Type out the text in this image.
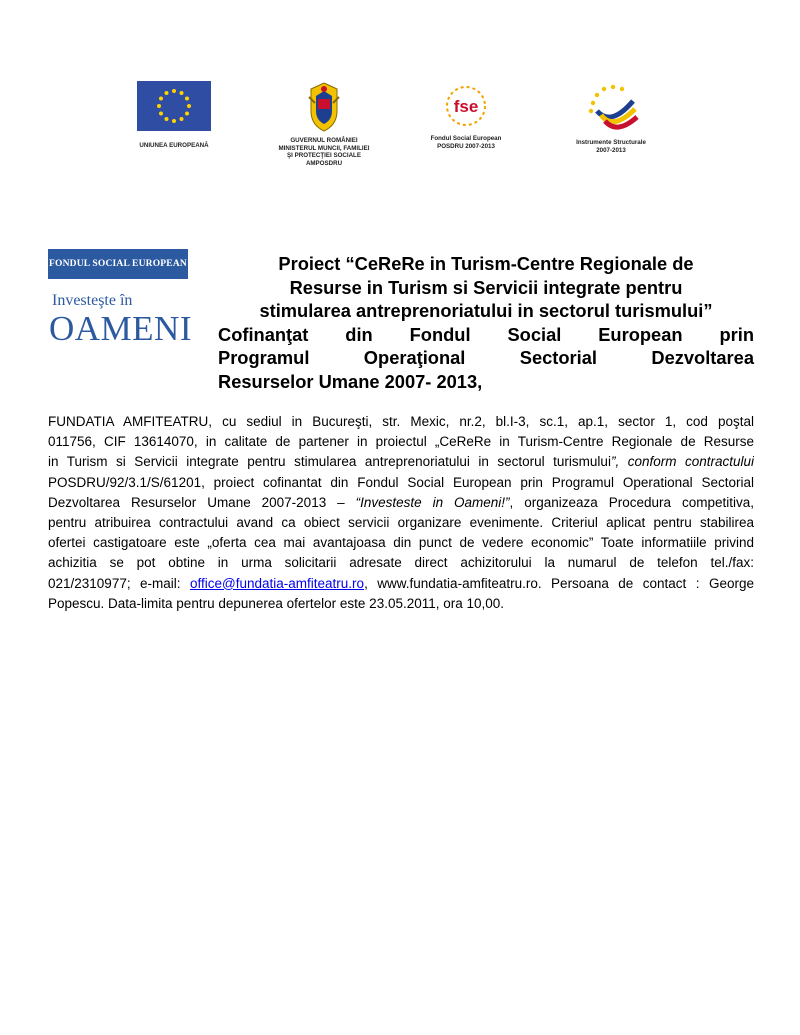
UNIUNEA EUROPEANĂ
GUVERNUL ROMÂNIEI
MINISTERUL MUNCII, FAMILIEI
ŞI PROTECŢIEI SOCIALE
AMPOSDRU
fse
Fondul Social European
POSDRU 2007-2013	Instrumente Structurale
2007-2013
FONDUL SOCIAL EUROPEAN
Investeşte în
OAMENI
Proiect “CeReRe in Turism-Centre Regionale de
Resurse in Turism si Servicii integrate pentru
stimularea antreprenoriatului in sectorul turismului”
Cofinanţat din Fondul Social European prin
Programul Operaţional Sectorial Dezvoltarea
Resurselor Umane 2007- 2013,
FUNDATIA AMFITEATRU, cu sediul in Bucureşti, str. Mexic, nr.2, bl.I-3, sc.1, ap.1, sector 1, cod poştal
011756, CIF 13614070, in calitate de partener in proiectul „CeReRe in Turism-Centre Regionale de Resurse
in Turism si Servicii integrate pentru stimularea antreprenoriatului in sectorul turismului”, conform contractului
POSDRU/92/3.1/S/61201, proiect cofinantat din Fondul Social European prin Programul Operational Sectorial
Dezvoltarea Resurselor Umane 2007-2013 – “Investeste in Oameni!”, organizeaza Procedura competitiva,
pentru atribuirea contractului avand ca obiect servicii organizare evenimente. Criteriul aplicat pentru stabilirea
ofertei castigatoare este „oferta cea mai avantajoasa din punct de vedere economic” Toate informatiile privind
achizitia se pot obtine in urma solicitarii adresate direct achizitorului la numarul de telefon tel./fax:
021/2310977; e-mail: office@fundatia-amfiteatru.ro, www.fundatia-amfiteatru.ro. Persoana de contact : George
Popescu. Data-limita pentru depunerea ofertelor este 23.05.2011, ora 10,00.
